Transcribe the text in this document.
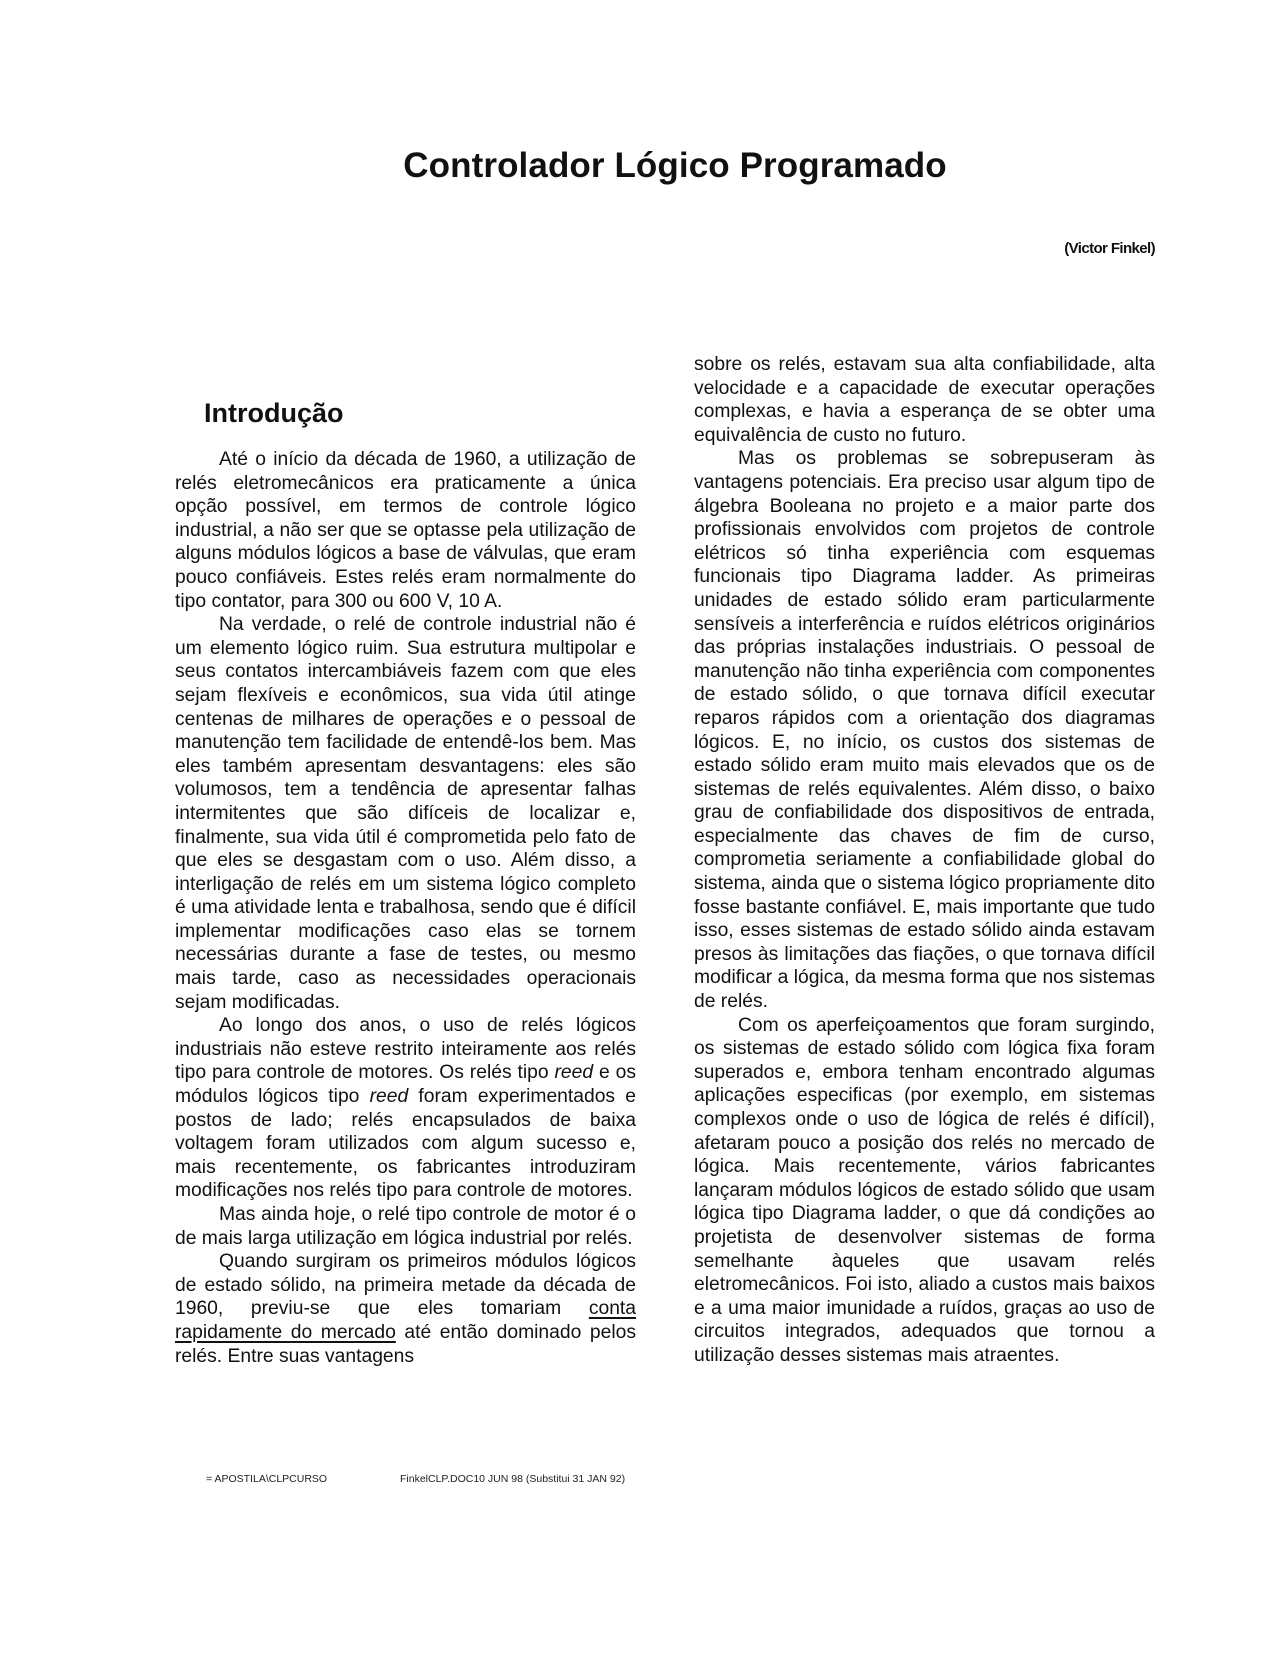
Controlador Lógico Programado
(Victor Finkel)
Introdução

Até o início da década de 1960, a utilização de relés eletromecânicos era praticamente a única opção possível, em termos de controle lógico industrial, a não ser que se optasse pela utilização de alguns módulos lógicos a base de válvulas, que eram pouco confiáveis. Estes relés eram normalmente do tipo contator, para 300 ou 600 V, 10 A.

Na verdade, o relé de controle industrial não é um elemento lógico ruim. Sua estrutura multipolar e seus contatos intercambiáveis fazem com que eles sejam flexíveis e econômicos, sua vida útil atinge centenas de milhares de operações e o pessoal de manutenção tem facilidade de entendê-los bem. Mas eles também apresentam desvantagens: eles são volumosos, tem a tendência de apresentar falhas intermitentes que são difíceis de localizar e, finalmente, sua vida útil é comprometida pelo fato de que eles se desgastam com o uso. Além disso, a interligação de relés em um sistema lógico completo é uma atividade lenta e trabalhosa, sendo que é difícil implementar modificações caso elas se tornem necessárias durante a fase de testes, ou mesmo mais tarde, caso as necessidades operacionais sejam modificadas.

Ao longo dos anos, o uso de relés lógicos industriais não esteve restrito inteiramente aos relés tipo para controle de motores. Os relés tipo reed e os módulos lógicos tipo reed foram experimentados e postos de lado; relés encapsulados de baixa voltagem foram utilizados com algum sucesso e, mais recentemente, os fabricantes introduziram modificações nos relés tipo para controle de motores.

Mas ainda hoje, o relé tipo controle de motor é o de mais larga utilização em lógica industrial por relés.

Quando surgiram os primeiros módulos lógicos de estado sólido, na primeira metade da década de 1960, previu-se que eles tomariam conta rapidamente do mercado até então dominado pelos relés. Entre suas vantagens

sobre os relés, estavam sua alta confiabilidade, alta velocidade e a capacidade de executar operações complexas, e havia a esperança de se obter uma equivalência de custo no futuro.

Mas os problemas se sobrepuseram às vantagens potenciais. Era preciso usar algum tipo de álgebra Booleana no projeto e a maior parte dos profissionais envolvidos com projetos de controle elétricos só tinha experiência com esquemas funcionais tipo Diagrama ladder. As primeiras unidades de estado sólido eram particularmente sensíveis a interferência e ruídos elétricos originários das próprias instalações industriais. O pessoal de manutenção não tinha experiência com componentes de estado sólido, o que tornava difícil executar reparos rápidos com a orientação dos diagramas lógicos. E, no início, os custos dos sistemas de estado sólido eram muito mais elevados que os de sistemas de relés equivalentes. Além disso, o baixo grau de confiabilidade dos dispositivos de entrada, especialmente das chaves de fim de curso, comprometia seriamente a confiabilidade global do sistema, ainda que o sistema lógico propriamente dito fosse bastante confiável. E, mais importante que tudo isso, esses sistemas de estado sólido ainda estavam presos às limitações das fiações, o que tornava difícil modificar a lógica, da mesma forma que nos sistemas de relés.

Com os aperfeiçoamentos que foram surgindo, os sistemas de estado sólido com lógica fixa foram superados e, embora tenham encontrado algumas aplicações especificas (por exemplo, em sistemas complexos onde o uso de lógica de relés é difícil), afetaram pouco a posição dos relés no mercado de lógica. Mais recentemente, vários fabricantes lançaram módulos lógicos de estado sólido que usam lógica tipo Diagrama ladder, o que dá condições ao projetista de desenvolver sistemas de forma semelhante àqueles que usavam relés eletromecânicos. Foi isto, aliado a custos mais baixos e a uma maior imunidade a ruídos, graças ao uso de circuitos integrados, adequados que tornou a utilização desses sistemas mais atraentes.

= APOSTILA\CLPCURSO	FinkelCLP.DOC10 JUN 98 (Substitui 31 JAN 92)
